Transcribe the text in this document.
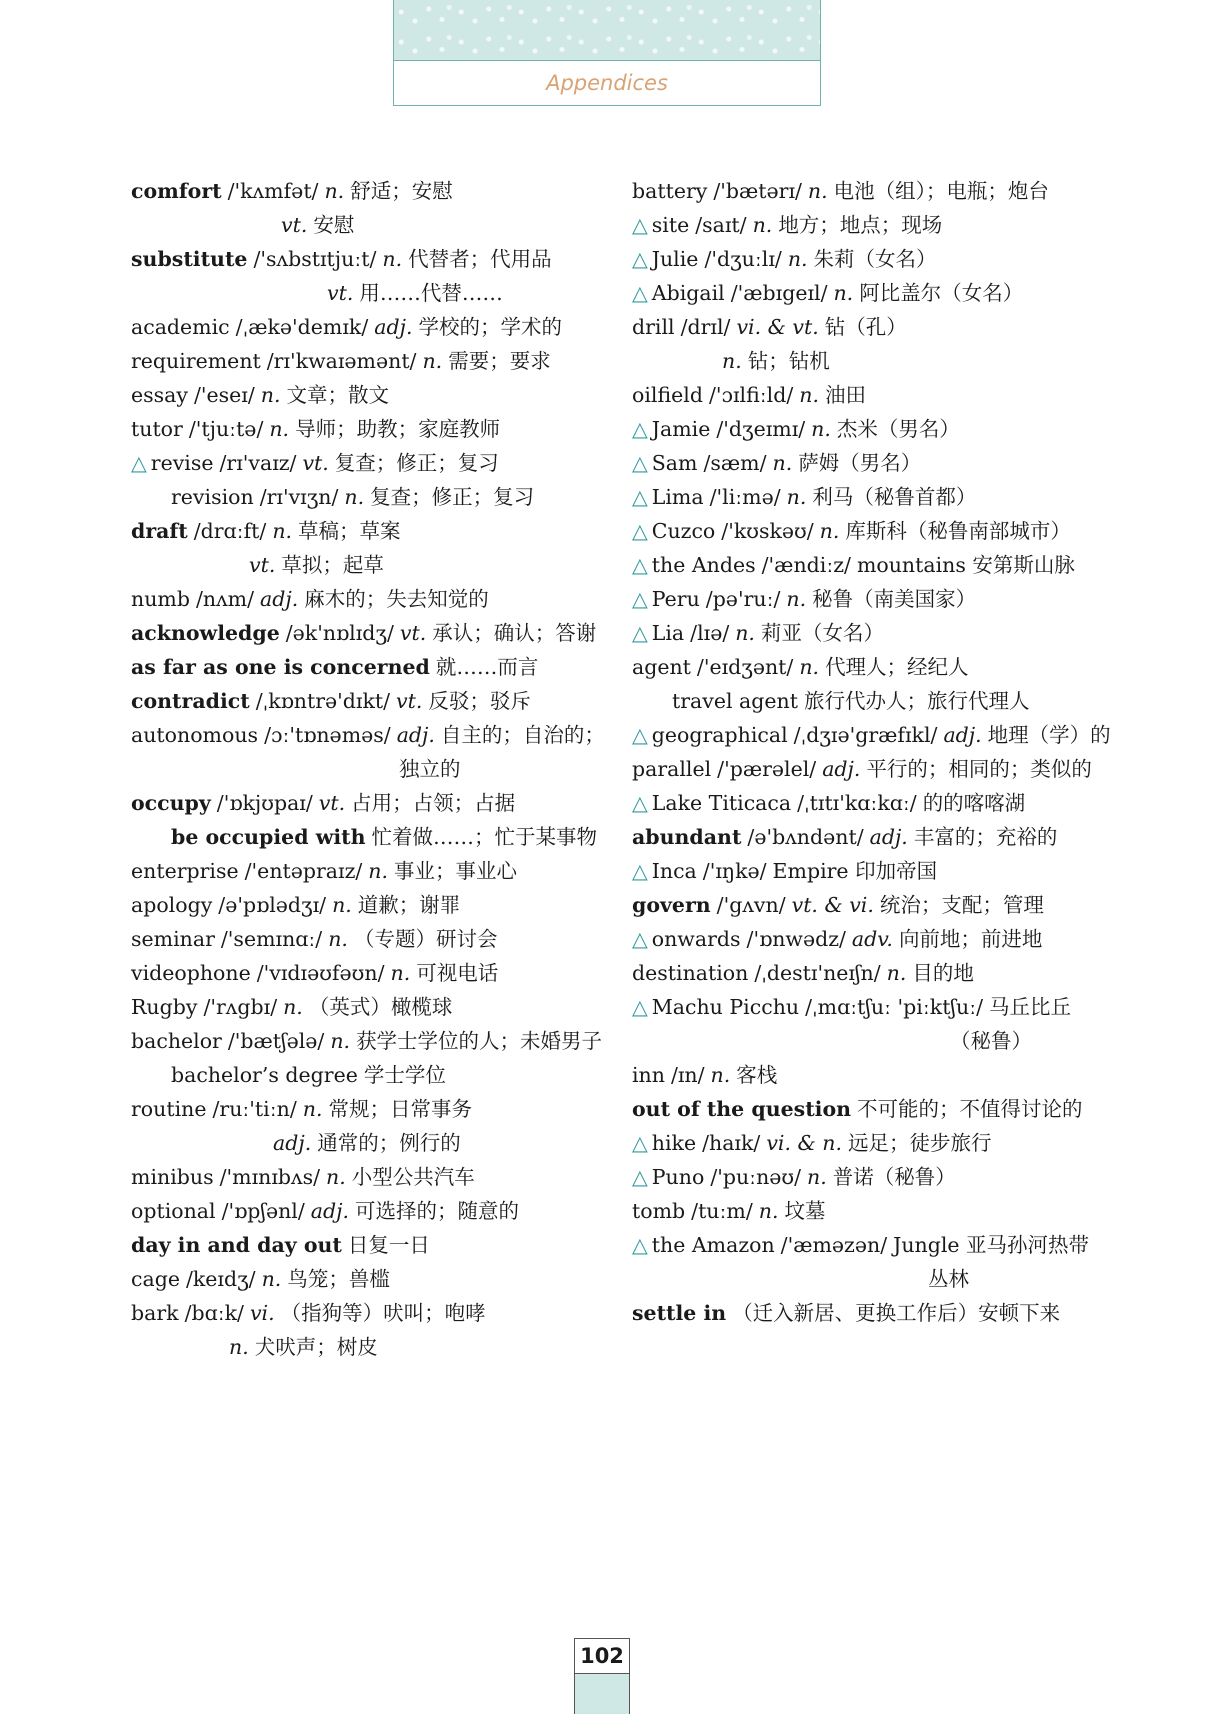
Appendices
comfort /'kʌmfət/ n. 舒适；安慰
vt. 安慰
substitute /'sʌbstɪtjuːt/ n. 代替者；代用品
vt. 用……代替……
academic /ˌækə'demɪk/ adj. 学校的；学术的
requirement /rɪ'kwaɪəmənt/ n. 需要；要求
essay /'eseɪ/ n. 文章；散文
tutor /'tjuːtə/ n. 导师；助教；家庭教师
△ revise /rɪ'vaɪz/ vt. 复查；修正；复习
revision /rɪ'vɪʒn/ n. 复查；修正；复习
draft /drɑːft/ n. 草稿；草案
vt. 草拟；起草
numb /nʌm/ adj. 麻木的；失去知觉的
acknowledge /ək'nɒlɪdʒ/ vt. 承认；确认；答谢
as far as one is concerned 就……而言
contradict /ˌkɒntrə'dɪkt/ vt. 反驳；驳斥
autonomous /ɔː'tɒnəməs/ adj. 自主的；自治的；
独立的
occupy /'ɒkjʊpaɪ/ vt. 占用；占领；占据
be occupied with 忙着做……；忙于某事物
enterprise /'entəpraɪz/ n. 事业；事业心
apology /ə'pɒlədʒɪ/ n. 道歉；谢罪
seminar /'semɪnɑː/ n. （专题）研讨会
videophone /'vɪdɪəʊfəʊn/ n. 可视电话
Rugby /'rʌgbɪ/ n. （英式）橄榄球
bachelor /'bætʃələ/ n. 获学士学位的人；未婚男子
bachelor’s degree 学士学位
routine /ruː'tiːn/ n. 常规；日常事务
adj. 通常的；例行的
minibus /'mɪnɪbʌs/ n. 小型公共汽车
optional /'ɒpʃənl/ adj. 可选择的；随意的
day in and day out 日复一日
cage /keɪdʒ/ n. 鸟笼；兽槛
bark /bɑːk/ vi. （指狗等）吠叫；咆哮
n. 犬吠声；树皮
battery /'bætərɪ/ n. 电池（组）；电瓶；炮台
△ site /saɪt/ n. 地方；地点；现场
△ Julie /'dʒuːlɪ/ n. 朱莉（女名）
△ Abigail /'æbɪgeɪl/ n. 阿比盖尔（女名）
drill /drɪl/ vi. & vt. 钻（孔）
n. 钻；钻机
oilfield /'ɔɪlfiːld/ n. 油田
△ Jamie /'dʒeɪmɪ/ n. 杰米（男名）
△ Sam /sæm/ n. 萨姆（男名）
△ Lima /'liːmə/ n. 利马（秘鲁首都）
△ Cuzco /'kʊskəʊ/ n. 库斯科（秘鲁南部城市）
△ the Andes /'ændiːz/ mountains 安第斯山脉
△ Peru /pə'ruː/ n. 秘鲁（南美国家）
△ Lia /lɪə/ n. 莉亚（女名）
agent /'eɪdʒənt/ n. 代理人；经纪人
travel agent 旅行代办人；旅行代理人
△ geographical /ˌdʒɪə'græfɪkl/ adj. 地理（学）的
parallel /'pærəlel/ adj. 平行的；相同的；类似的
△ Lake Titicaca /ˌtɪtɪ'kɑːkɑː/ 的的喀喀湖
abundant /ə'bʌndənt/ adj. 丰富的；充裕的
△ Inca /'ɪŋkə/ Empire 印加帝国
govern /'gʌvn/ vt. & vi. 统治；支配；管理
△ onwards /'ɒnwədz/ adv. 向前地；前进地
destination /ˌdestɪ'neɪʃn/ n. 目的地
△ Machu Picchu /ˌmɑːtʃuː 'piːktʃuː/ 马丘比丘
（秘鲁）
inn /ɪn/ n. 客栈
out of the question 不可能的；不值得讨论的
△ hike /haɪk/ vi. & n. 远足；徒步旅行
△ Puno /'puːnəʊ/ n. 普诺（秘鲁）
tomb /tuːm/ n. 坟墓
△ the Amazon /'æməzən/ Jungle 亚马孙河热带
丛林
settle in （迁入新居、更换工作后）安顿下来
102
